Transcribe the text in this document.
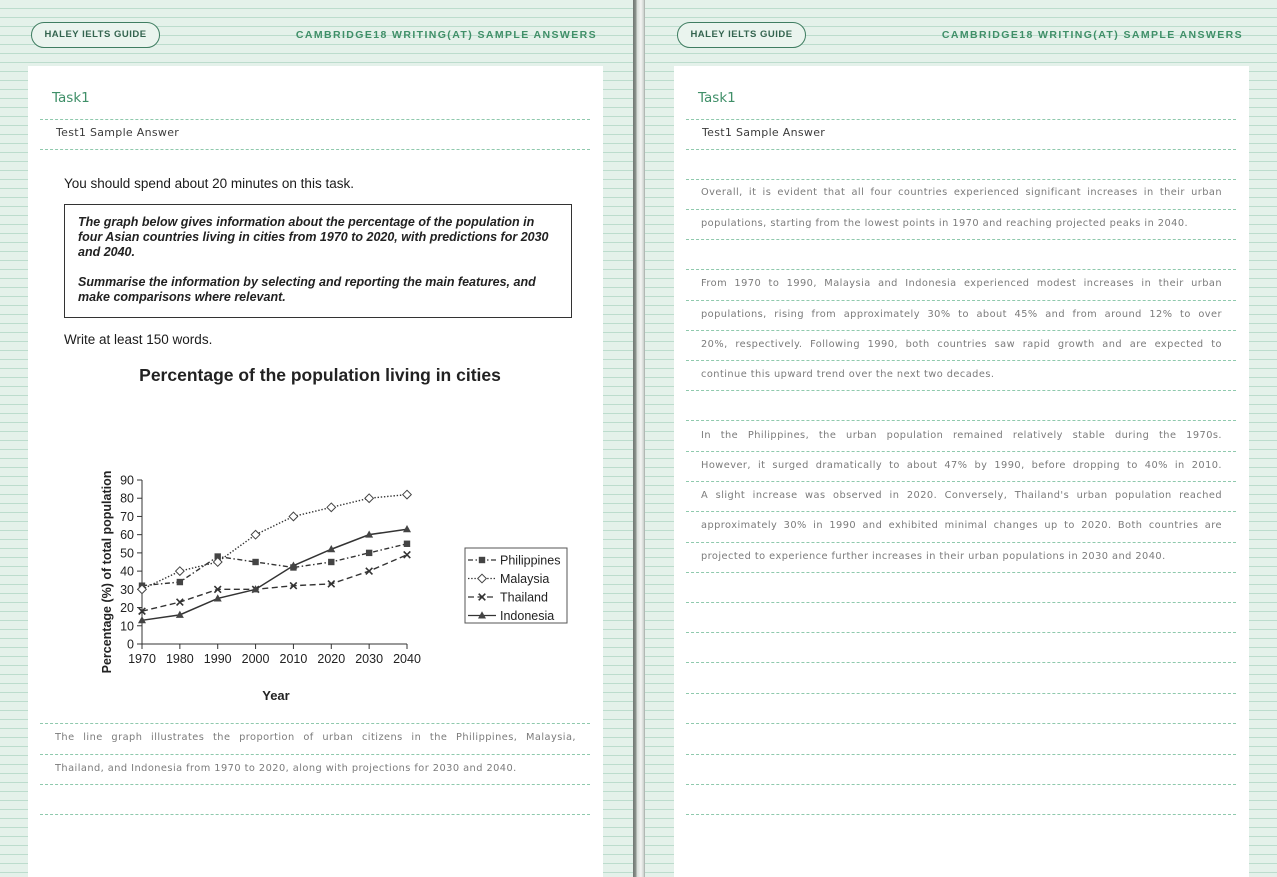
HALEY IELTS GUIDE	CAMBRIDGE18 WRITING(AT) SAMPLE ANSWERS
Task1
Test1 Sample Answer
You should spend about 20 minutes on this task.

The graph below gives information about the percentage of the population in four Asian countries living in cities from 1970 to 2020, with predictions for 2030 and 2040.

Summarise the information by selecting and reporting the main features, and make comparisons where relevant.

Write at least 150 words.
Percentage of the population living in cities
Year
Percentage (%) of total population 0
10
20
30
40
50
60
70
80
90
1970 1980 1990 2000 2010 2020 2030 2040
Philippines
Malaysia
Thailand
Indonesia
The line graph illustrates the proportion of urban citizens in the Philippines, Malaysia,
Thailand, and Indonesia from 1970 to 2020, along with projections for 2030 and 2040.
HALEY IELTS GUIDE	CAMBRIDGE18 WRITING(AT) SAMPLE ANSWERS
Task1
Test1 Sample Answer
Overall, it is evident that all four countries experienced significant increases in their urban
populations, starting from the lowest points in 1970 and reaching projected peaks in 2040.
From 1970 to 1990, Malaysia and Indonesia experienced modest increases in their urban
populations, rising from approximately 30% to about 45% and from around 12% to over
20%, respectively. Following 1990, both countries saw rapid growth and are expected to
continue this upward trend over the next two decades.
In the Philippines, the urban population remained relatively stable during the 1970s.
However, it surged dramatically to about 47% by 1990, before dropping to 40% in 2010.
A slight increase was observed in 2020. Conversely, Thailand's urban population reached
approximately 30% in 1990 and exhibited minimal changes up to 2020. Both countries are
projected to experience further increases in their urban populations in 2030 and 2040.
